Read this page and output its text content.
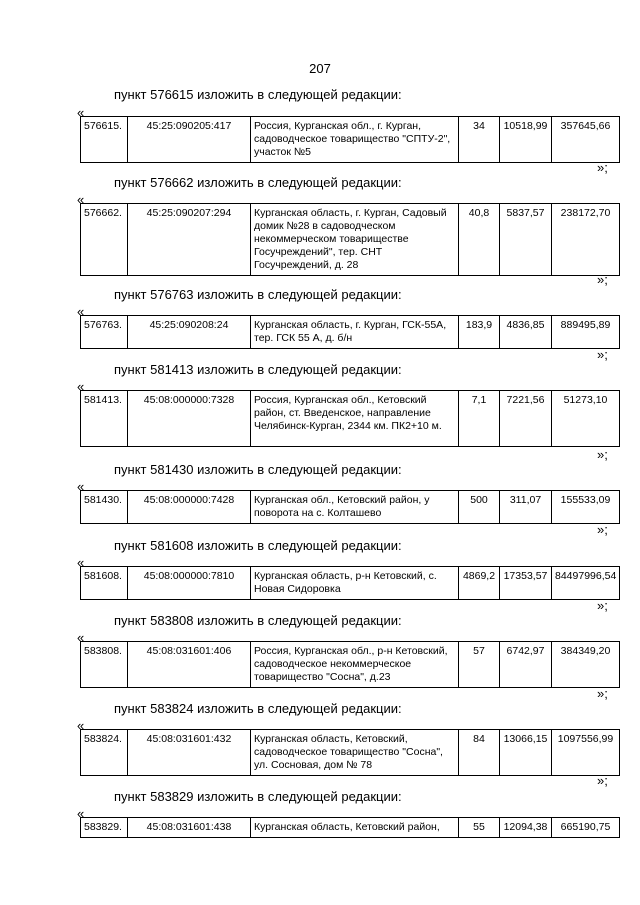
207
пункт 576615 изложить в следующей редакции:
«
576615.	45:25:090205:417	Россия, Курганская обл., г. Курган, садоводческое товарищество "СПТУ-2", участок №5	34	10518,99	357645,66
»;
пункт 576662 изложить в следующей редакции:
«
576662.	45:25:090207:294	Курганская область, г. Курган, Садовый домик №28 в садоводческом некоммерческом товариществе Госучреждений", тер. СНТ Госучреждений, д. 28	40,8	5837,57	238172,70
»;
пункт 576763 изложить в следующей редакции:
«
576763.	45:25:090208:24	Курганская область, г. Курган, ГСК-55А, тер. ГСК 55 А, д. б/н	183,9	4836,85	889495,89
»;
пункт 581413 изложить в следующей редакции:
«
581413.	45:08:000000:7328	Россия, Курганская обл., Кетовский район, ст. Введенское, направление Челябинск-Курган, 2344 км. ПК2+10 м.	7,1	7221,56	51273,10
»;
пункт 581430 изложить в следующей редакции:
«
581430.	45:08:000000:7428	Курганская обл., Кетовский район, у поворота на с. Колташево	500	311,07	155533,09
»;
пункт 581608 изложить в следующей редакции:
«
581608.	45:08:000000:7810	Курганская область, р-н Кетовский, с. Новая Сидоровка	4869,2	17353,57	84497996,54
»;
пункт 583808 изложить в следующей редакции:
«
583808.	45:08:031601:406	Россия, Курганская обл., р-н Кетовский, садоводческое некоммерческое товарищество "Сосна", д.23	57	6742,97	384349,20
»;
пункт 583824 изложить в следующей редакции:
«
583824.	45:08:031601:432	Курганская область, Кетовский, садоводческое товарищество "Сосна", ул. Сосновая, дом № 78	84	13066,15	1097556,99
»;
пункт 583829 изложить в следующей редакции:
«
583829.	45:08:031601:438	Курганская область, Кетовский район,	55	12094,38	665190,75
